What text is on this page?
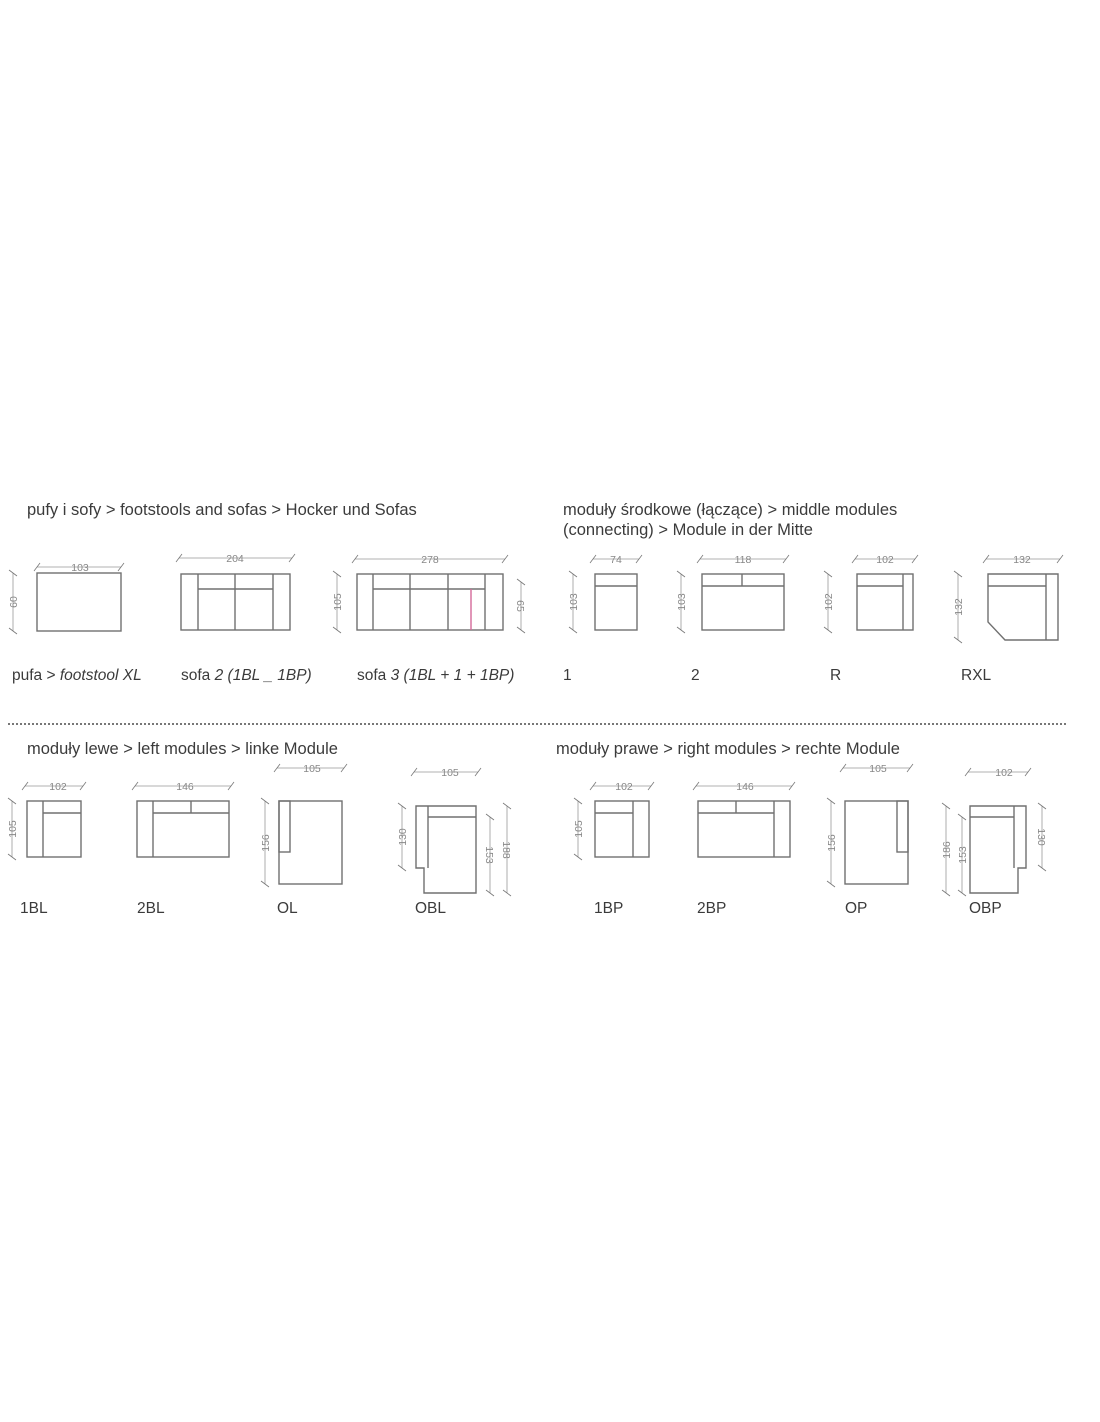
pufy i sofy > footstools and sofas > Hocker und Sofas	moduły środkowe (łączące) > middle modules
(connecting) > Module in der Mitte
moduły lewe > left modules > linke Module	moduły prawe > right modules > rechte Module
103
60
204	278
105	65
74
103
118
103
102
102
132
132
102
105
146
105
156
105
130
153 188
102
105
146
105
156
102
186 153
130
pufa > footstool XL	sofa 2 (1BL _ 1BP)	sofa 3 (1BL + 1 + 1BP)	1	2	R	RXL
1BL	2BL	OL	OBL	1BP	2BP	OP	OBP
